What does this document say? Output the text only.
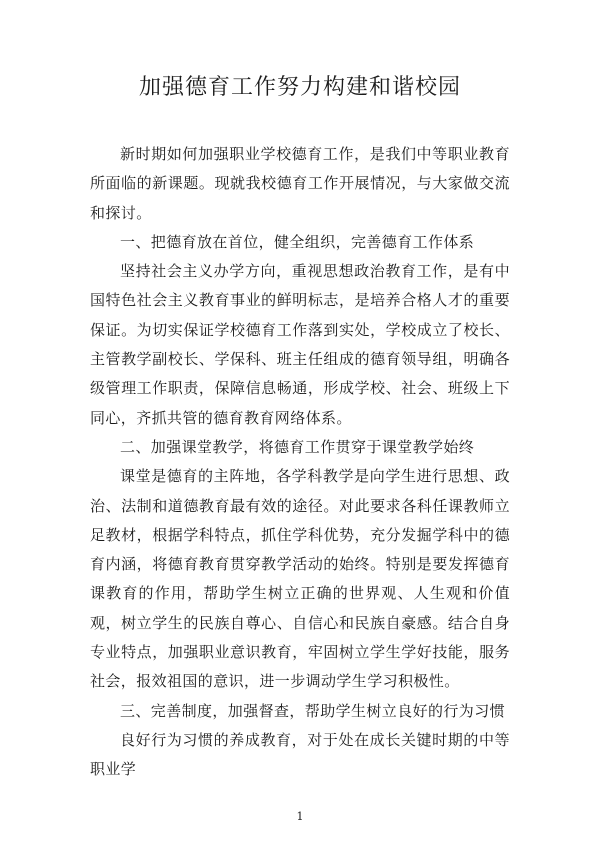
加强德育工作努力构建和谐校园

新时期如何加强职业学校德育工作，是我们中等职业教育所面临的新课题。现就我校德育工作开展情况，与大家做交流和探讨。

一、把德育放在首位，健全组织，完善德育工作体系

坚持社会主义办学方向，重视思想政治教育工作，是有中国特色社会主义教育事业的鲜明标志，是培养合格人才的重要保证。为切实保证学校德育工作落到实处，学校成立了校长、主管教学副校长、学保科、班主任组成的德育领导组，明确各级管理工作职责，保障信息畅通，形成学校、社会、班级上下同心，齐抓共管的德育教育网络体系。

二、加强课堂教学，将德育工作贯穿于课堂教学始终

课堂是德育的主阵地，各学科教学是向学生进行思想、政治、法制和道德教育最有效的途径。对此要求各科任课教师立足教材，根据学科特点，抓住学科优势，充分发掘学科中的德育内涵，将德育教育贯穿教学活动的始终。特别是要发挥德育课教育的作用，帮助学生树立正确的世界观、人生观和价值观，树立学生的民族自尊心、自信心和民族自豪感。结合自身专业特点，加强职业意识教育，牢固树立学生学好技能，服务社会，报效祖国的意识，进一步调动学生学习积极性。

三、完善制度，加强督查，帮助学生树立良好的行为习惯

良好行为习惯的养成教育，对于处在成长关键时期的中等职业学

1
